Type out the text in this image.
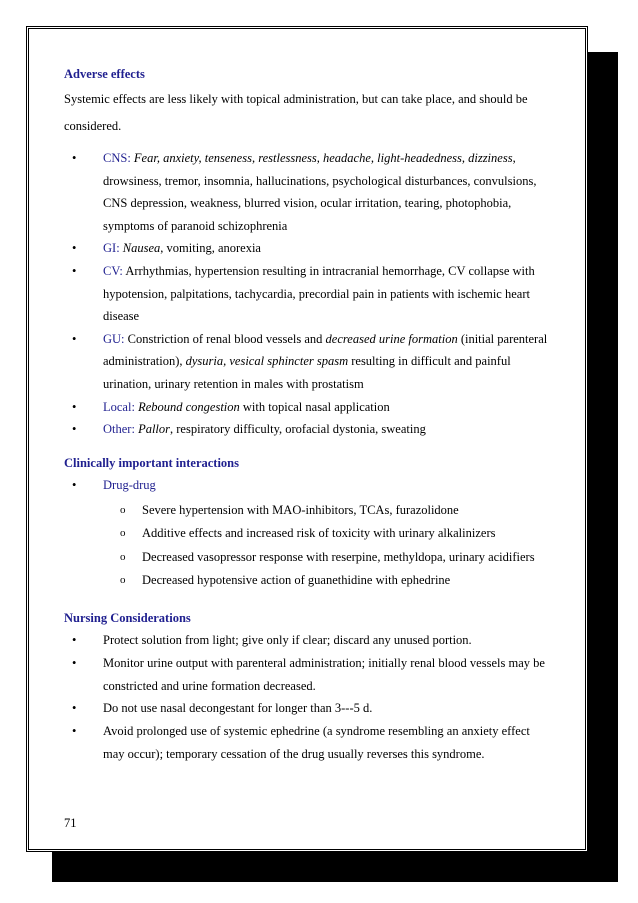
Adverse effects

Systemic effects are less likely with topical administration, but can take place, and should be considered.

• CNS: Fear, anxiety, tenseness, restlessness, headache, light-headedness, dizziness, drowsiness, tremor, insomnia, hallucinations, psychological disturbances, convulsions, CNS depression, weakness, blurred vision, ocular irritation, tearing, photophobia, symptoms of paranoid schizophrenia
• GI: Nausea, vomiting, anorexia
• CV: Arrhythmias, hypertension resulting in intracranial hemorrhage, CV collapse with hypotension, palpitations, tachycardia, precordial pain in patients with ischemic heart disease
• GU: Constriction of renal blood vessels and decreased urine formation (initial parenteral administration), dysuria, vesical sphincter spasm resulting in difficult and painful urination, urinary retention in males with prostatism
• Local: Rebound congestion with topical nasal application
• Other: Pallor, respiratory difficulty, orofacial dystonia, sweating
Clinically important interactions
• Drug-drug
o Severe hypertension with MAO-inhibitors, TCAs, furazolidone
o Additive effects and increased risk of toxicity with urinary alkalinizers
o Decreased vasopressor response with reserpine, methyldopa, urinary acidifiers
o Decreased hypotensive action of guanethidine with ephedrine
Nursing Considerations
• Protect solution from light; give only if clear; discard any unused portion.
• Monitor urine output with parenteral administration; initially renal blood vessels may be constricted and urine formation decreased.
• Do not use nasal decongestant for longer than 3---5 d.
• Avoid prolonged use of systemic ephedrine (a syndrome resembling an anxiety effect may occur); temporary cessation of the drug usually reverses this syndrome.
71
